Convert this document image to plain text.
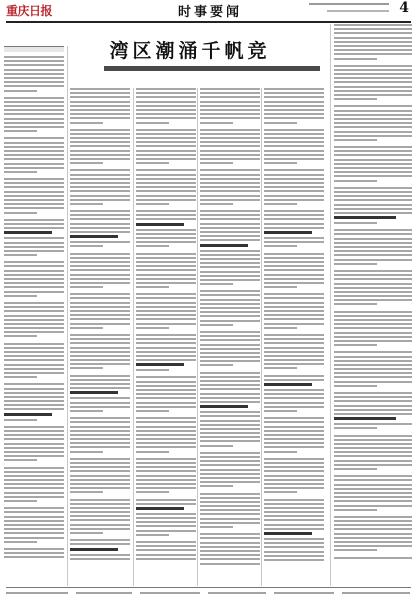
重庆日报	时事要闻	4
湾区潮涌千帆竞
